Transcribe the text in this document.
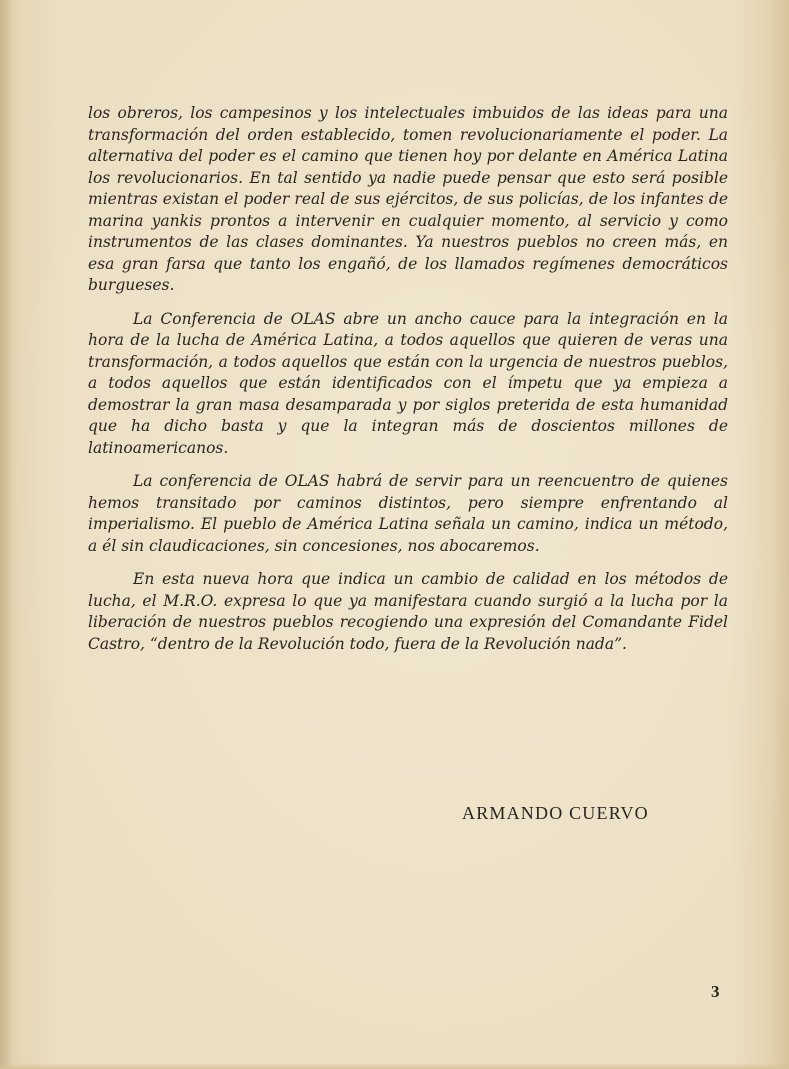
los obreros, los campesinos y los intelectuales imbuidos de las ideas para una transformación del orden establecido, tomen revolucionariamente el poder. La alternativa del poder es el camino que tienen hoy por delante en América Latina los revolucionarios. En tal sentido ya nadie puede pensar que esto será posible mientras existan el poder real de sus ejércitos, de sus policías, de los infantes de marina yankis prontos a intervenir en cualquier momento, al servicio y como instrumentos de las clases dominantes. Ya nuestros pueblos no creen más, en esa gran farsa que tanto los engañó, de los llamados regímenes democráticos burgueses.

La Conferencia de OLAS abre un ancho cauce para la integración en la hora de la lucha de América Latina, a todos aquellos que quieren de veras una transformación, a todos aquellos que están con la urgencia de nuestros pueblos, a todos aquellos que están identificados con el ímpetu que ya empieza a demostrar la gran masa desamparada y por siglos preterida de esta humanidad que ha dicho basta y que la integran más de doscientos millones de latinoamericanos.

La conferencia de OLAS habrá de servir para un reencuentro de quienes hemos transitado por caminos distintos, pero siempre enfrentando al imperialismo. El pueblo de América Latina señala un camino, indica un método, a él sin claudicaciones, sin concesiones, nos abocaremos.

En esta nueva hora que indica un cambio de calidad en los métodos de lucha, el M.R.O. expresa lo que ya manifestara cuando surgió a la lucha por la liberación de nuestros pueblos recogiendo una expresión del Comandante Fidel Castro, “dentro de la Revolución todo, fuera de la Revolución nada”.

ARMANDO CUERVO
3
